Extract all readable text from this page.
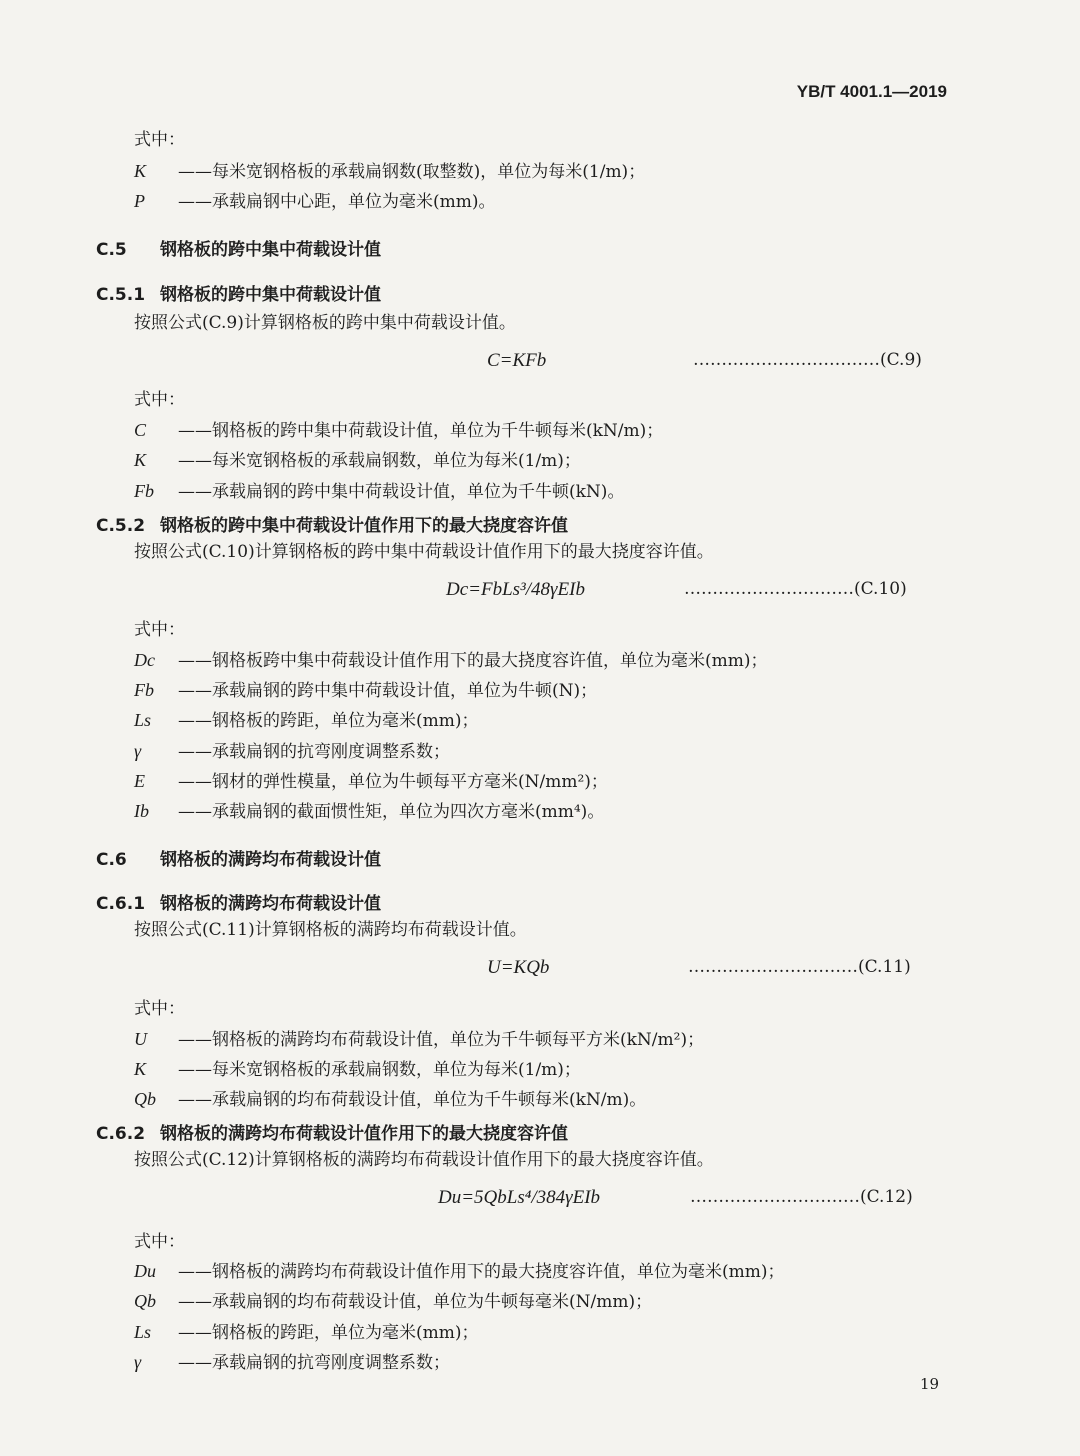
YB/T 4001.1—2019
式中：
K ——每米宽钢格板的承载扁钢数(取整数)，单位为每米(1/m)；
P ——承载扁钢中心距，单位为毫米(mm)。
C.5 钢格板的跨中集中荷载设计值
C.5.1 钢格板的跨中集中荷载设计值
按照公式(C.9)计算钢格板的跨中集中荷载设计值。
C=KFb	……………………………(C.9)
式中：
C ——钢格板的跨中集中荷载设计值，单位为千牛顿每米(kN/m)；
K ——每米宽钢格板的承载扁钢数，单位为每米(1/m)；
Fb ——承载扁钢的跨中集中荷载设计值，单位为千牛顿(kN)。
C.5.2 钢格板的跨中集中荷载设计值作用下的最大挠度容许值
按照公式(C.10)计算钢格板的跨中集中荷载设计值作用下的最大挠度容许值。
Dc=FbLs³/48γEIb	…………………………(C.10)
式中：
Dc ——钢格板跨中集中荷载设计值作用下的最大挠度容许值，单位为毫米(mm)；
Fb ——承载扁钢的跨中集中荷载设计值，单位为牛顿(N)；
Ls ——钢格板的跨距，单位为毫米(mm)；
γ ——承载扁钢的抗弯刚度调整系数；
E ——钢材的弹性模量，单位为牛顿每平方毫米(N/mm²)；
Ib ——承载扁钢的截面惯性矩，单位为四次方毫米(mm⁴)。
C.6 钢格板的满跨均布荷载设计值
C.6.1 钢格板的满跨均布荷载设计值
按照公式(C.11)计算钢格板的满跨均布荷载设计值。
U=KQb	…………………………(C.11)
式中：
U ——钢格板的满跨均布荷载设计值，单位为千牛顿每平方米(kN/m²)；
K ——每米宽钢格板的承载扁钢数，单位为每米(1/m)；
Qb ——承载扁钢的均布荷载设计值，单位为千牛顿每米(kN/m)。
C.6.2 钢格板的满跨均布荷载设计值作用下的最大挠度容许值
按照公式(C.12)计算钢格板的满跨均布荷载设计值作用下的最大挠度容许值。
Du=5QbLs⁴/384γEIb	…………………………(C.12)
式中：
Du ——钢格板的满跨均布荷载设计值作用下的最大挠度容许值，单位为毫米(mm)；
Qb ——承载扁钢的均布荷载设计值，单位为牛顿每毫米(N/mm)；
Ls ——钢格板的跨距，单位为毫米(mm)；
γ ——承载扁钢的抗弯刚度调整系数；
19
